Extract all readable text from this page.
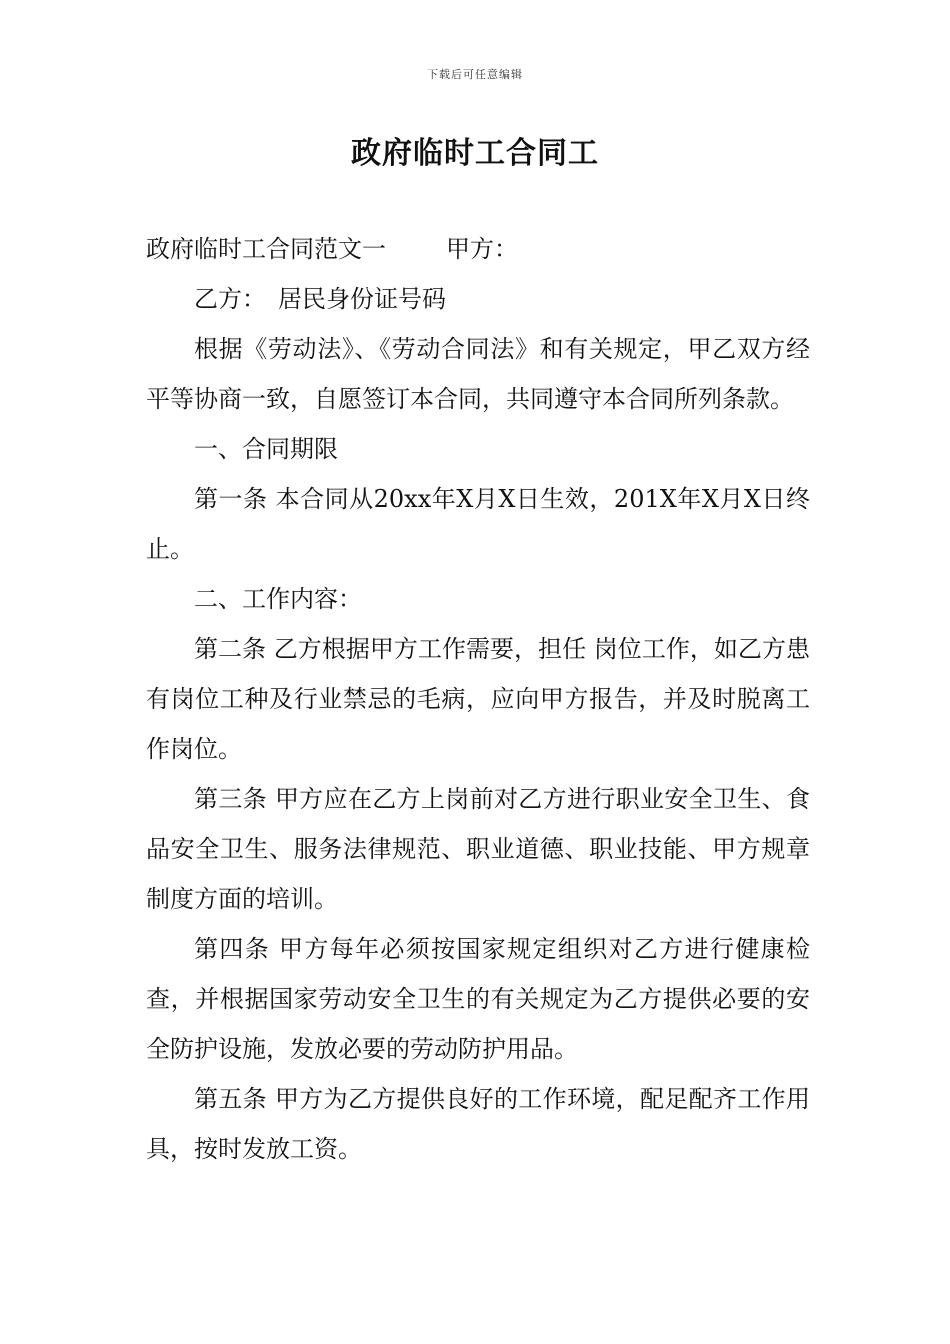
下载后可任意编辑
政府临时工合同工

政府临时工合同范文一	甲方：

乙方： 居民身份证号码

根据《劳动法》、《劳动合同法》和有关规定，甲乙双方经平等协商一致，自愿签订本合同，共同遵守本合同所列条款。

一、合同期限

第一条 本合同从20xx年X月X日生效，201X年X月X日终止。

二、工作内容：

第二条 乙方根据甲方工作需要，担任 岗位工作，如乙方患有岗位工种及行业禁忌的毛病，应向甲方报告，并及时脱离工作岗位。

第三条 甲方应在乙方上岗前对乙方进行职业安全卫生、食品安全卫生、服务法律规范、职业道德、职业技能、甲方规章制度方面的培训。

第四条 甲方每年必须按国家规定组织对乙方进行健康检查，并根据国家劳动安全卫生的有关规定为乙方提供必要的安全防护设施，发放必要的劳动防护用品。

第五条 甲方为乙方提供良好的工作环境，配足配齐工作用具，按时发放工资。
